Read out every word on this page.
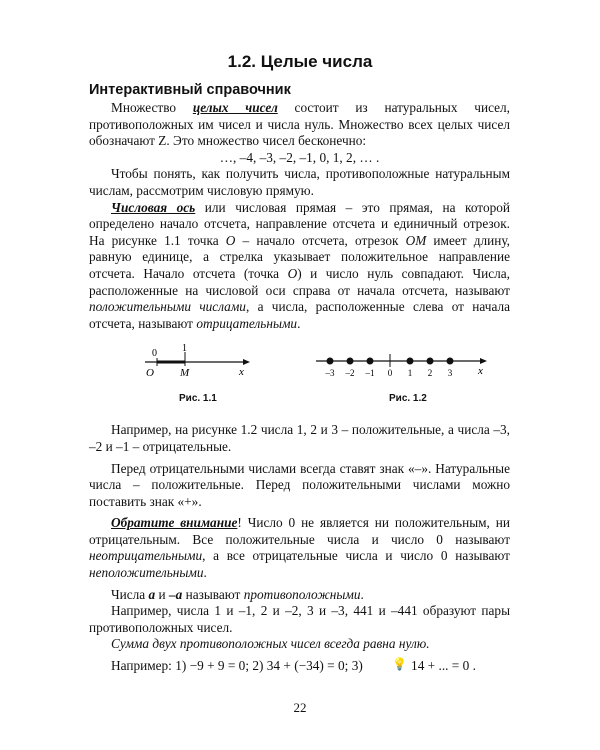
1.2. Целые числа
Интерактивный справочник

Множество целых чисел состоит из натуральных чисел, противоположных им чисел и числа нуль. Множество всех целых чисел обозначают Z. Это множество чисел бесконечно:

…, –4, –3, –2, –1, 0, 1, 2, … .

Чтобы понять, как получить числа, противоположные натуральным числам, рассмотрим числовую прямую.

Числовая ось или числовая прямая – это прямая, на которой определено начало отсчета, направление отсчета и единичный отрезок. На рисунке 1.1 точка O – начало отсчета, отрезок OM имеет длину, равную единице, а стрелка указывает положительное направление отсчета. Начало отсчета (точка O) и число нуль совпадают. Числа, расположенные на числовой оси справа от начала отсчета, называют положительными числами, а числа, расположенные слева от начала отсчета, называют отрицательными.

0	1
O M	x
Рис. 1.1
–3 –2 –1 0 1 2 3 x
Рис. 1.2

Например, на рисунке 1.2 числа 1, 2 и 3 – положительные, а числа –3, –2 и –1 – отрицательные.

Перед отрицательными числами всегда ставят знак «–». Натуральные числа – положительные. Перед положительными числами можно поставить знак «+».

Обратите внимание! Число 0 не является ни положительным, ни отрицательным. Все положительные числа и число 0 называют неотрицательными, а все отрицательные числа и число 0 называют неположительными.

Числа а и –а называют противоположными.

Например, числа 1 и –1, 2 и –2, 3 и –3, 441 и –441 образуют пары противоположных чисел.

Сумма двух противоположных чисел всегда равна нулю.

Например: 1) −9 + 9 = 0; 2) 34 + (−34) = 0; 3) 💡 14 + ... = 0 .

22
